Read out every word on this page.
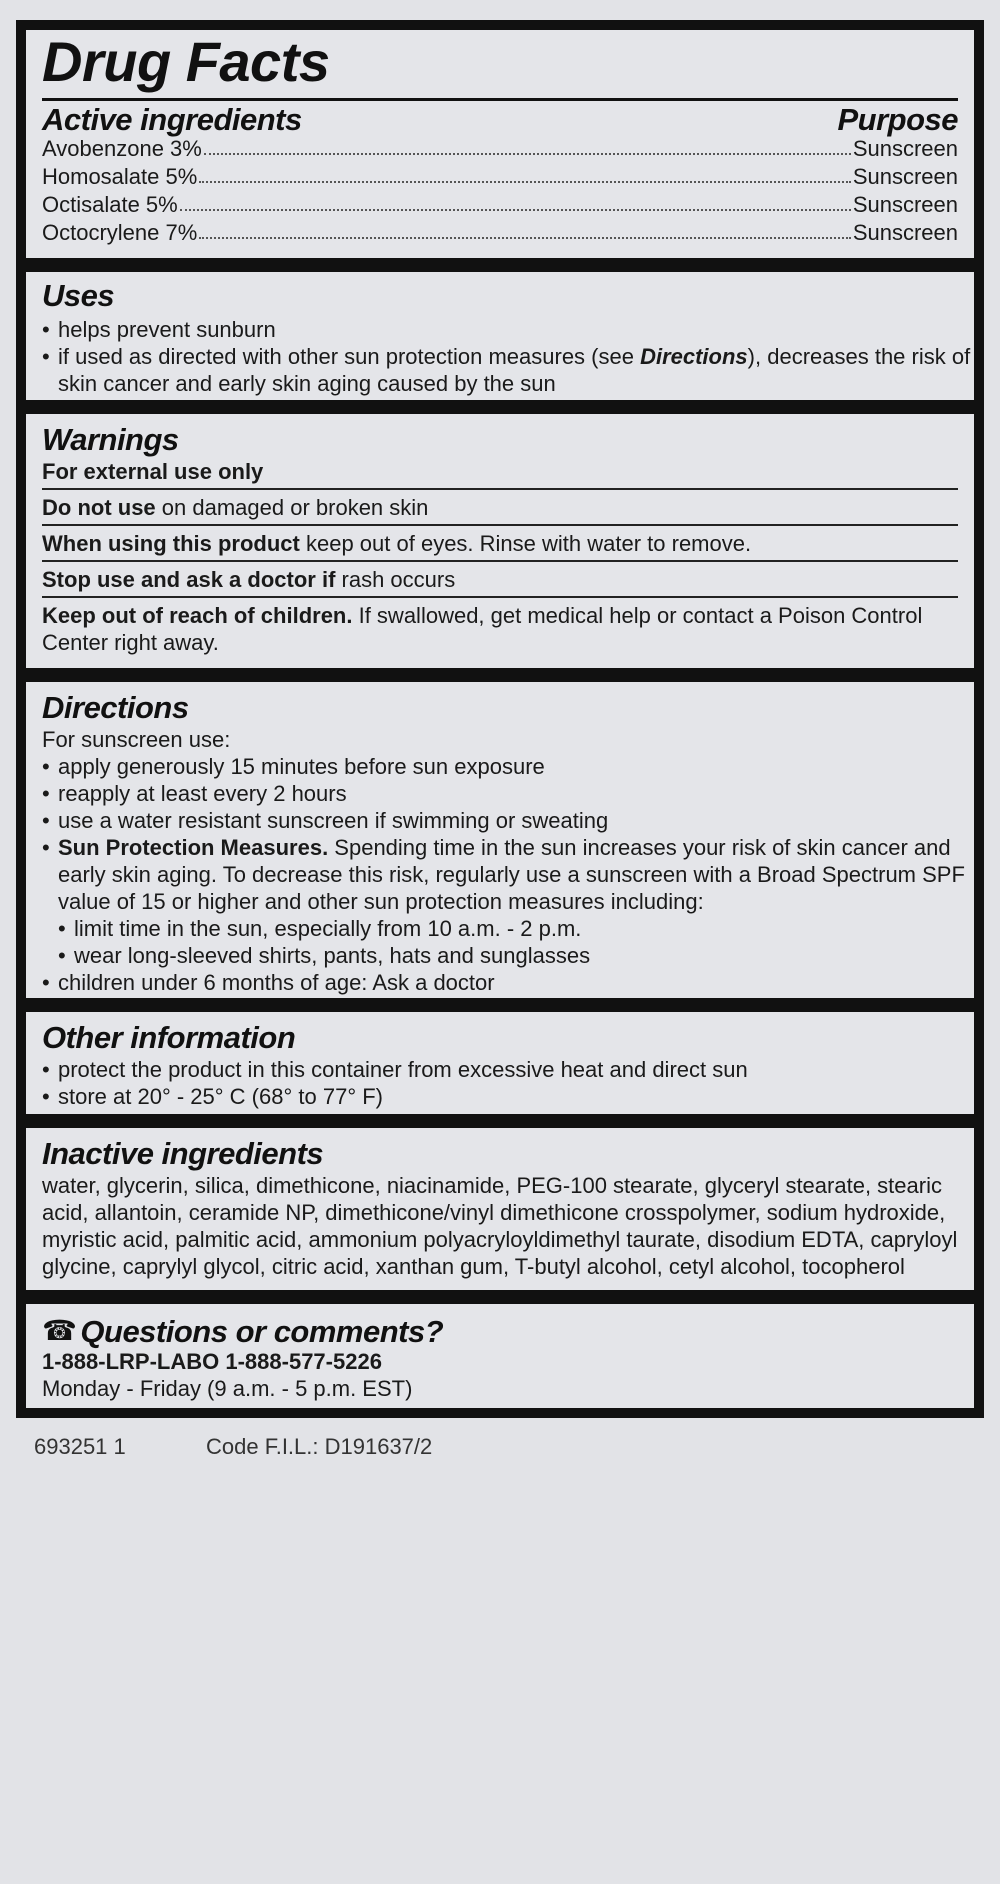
Drug Facts
Active ingredients	Purpose
Avobenzone 3%	Sunscreen
Homosalate 5%	Sunscreen
Octisalate 5%	Sunscreen
Octocrylene 7%	Sunscreen
Uses
• helps prevent sunburn
• if used as directed with other sun protection measures (see Directions), decreases the risk of
skin cancer and early skin aging caused by the sun
Warnings
For external use only
Do not use on damaged or broken skin
When using this product keep out of eyes. Rinse with water to remove.
Stop use and ask a doctor if rash occurs
Keep out of reach of children. If swallowed, get medical help or contact a Poison Control
Center right away.
Directions
For sunscreen use:
• apply generously 15 minutes before sun exposure
• reapply at least every 2 hours
• use a water resistant sunscreen if swimming or sweating
• Sun Protection Measures. Spending time in the sun increases your risk of skin cancer and
early skin aging. To decrease this risk, regularly use a sunscreen with a Broad Spectrum SPF
value of 15 or higher and other sun protection measures including:
• limit time in the sun, especially from 10 a.m. - 2 p.m.
• wear long-sleeved shirts, pants, hats and sunglasses
• children under 6 months of age: Ask a doctor
Other information
• protect the product in this container from excessive heat and direct sun
• store at 20° - 25° C (68° to 77° F)
Inactive ingredients
water, glycerin, silica, dimethicone, niacinamide, PEG-100 stearate, glyceryl stearate, stearic
acid, allantoin, ceramide NP, dimethicone/vinyl dimethicone crosspolymer, sodium hydroxide,
myristic acid, palmitic acid, ammonium polyacryloyldimethyl taurate, disodium EDTA, capryloyl
glycine, caprylyl glycol, citric acid, xanthan gum, T-butyl alcohol, cetyl alcohol, tocopherol
☎ Questions or comments?
1-888-LRP-LABO 1-888-577-5226
Monday - Friday (9 a.m. - 5 p.m. EST)
693251 1	Code F.I.L.: D191637/2
